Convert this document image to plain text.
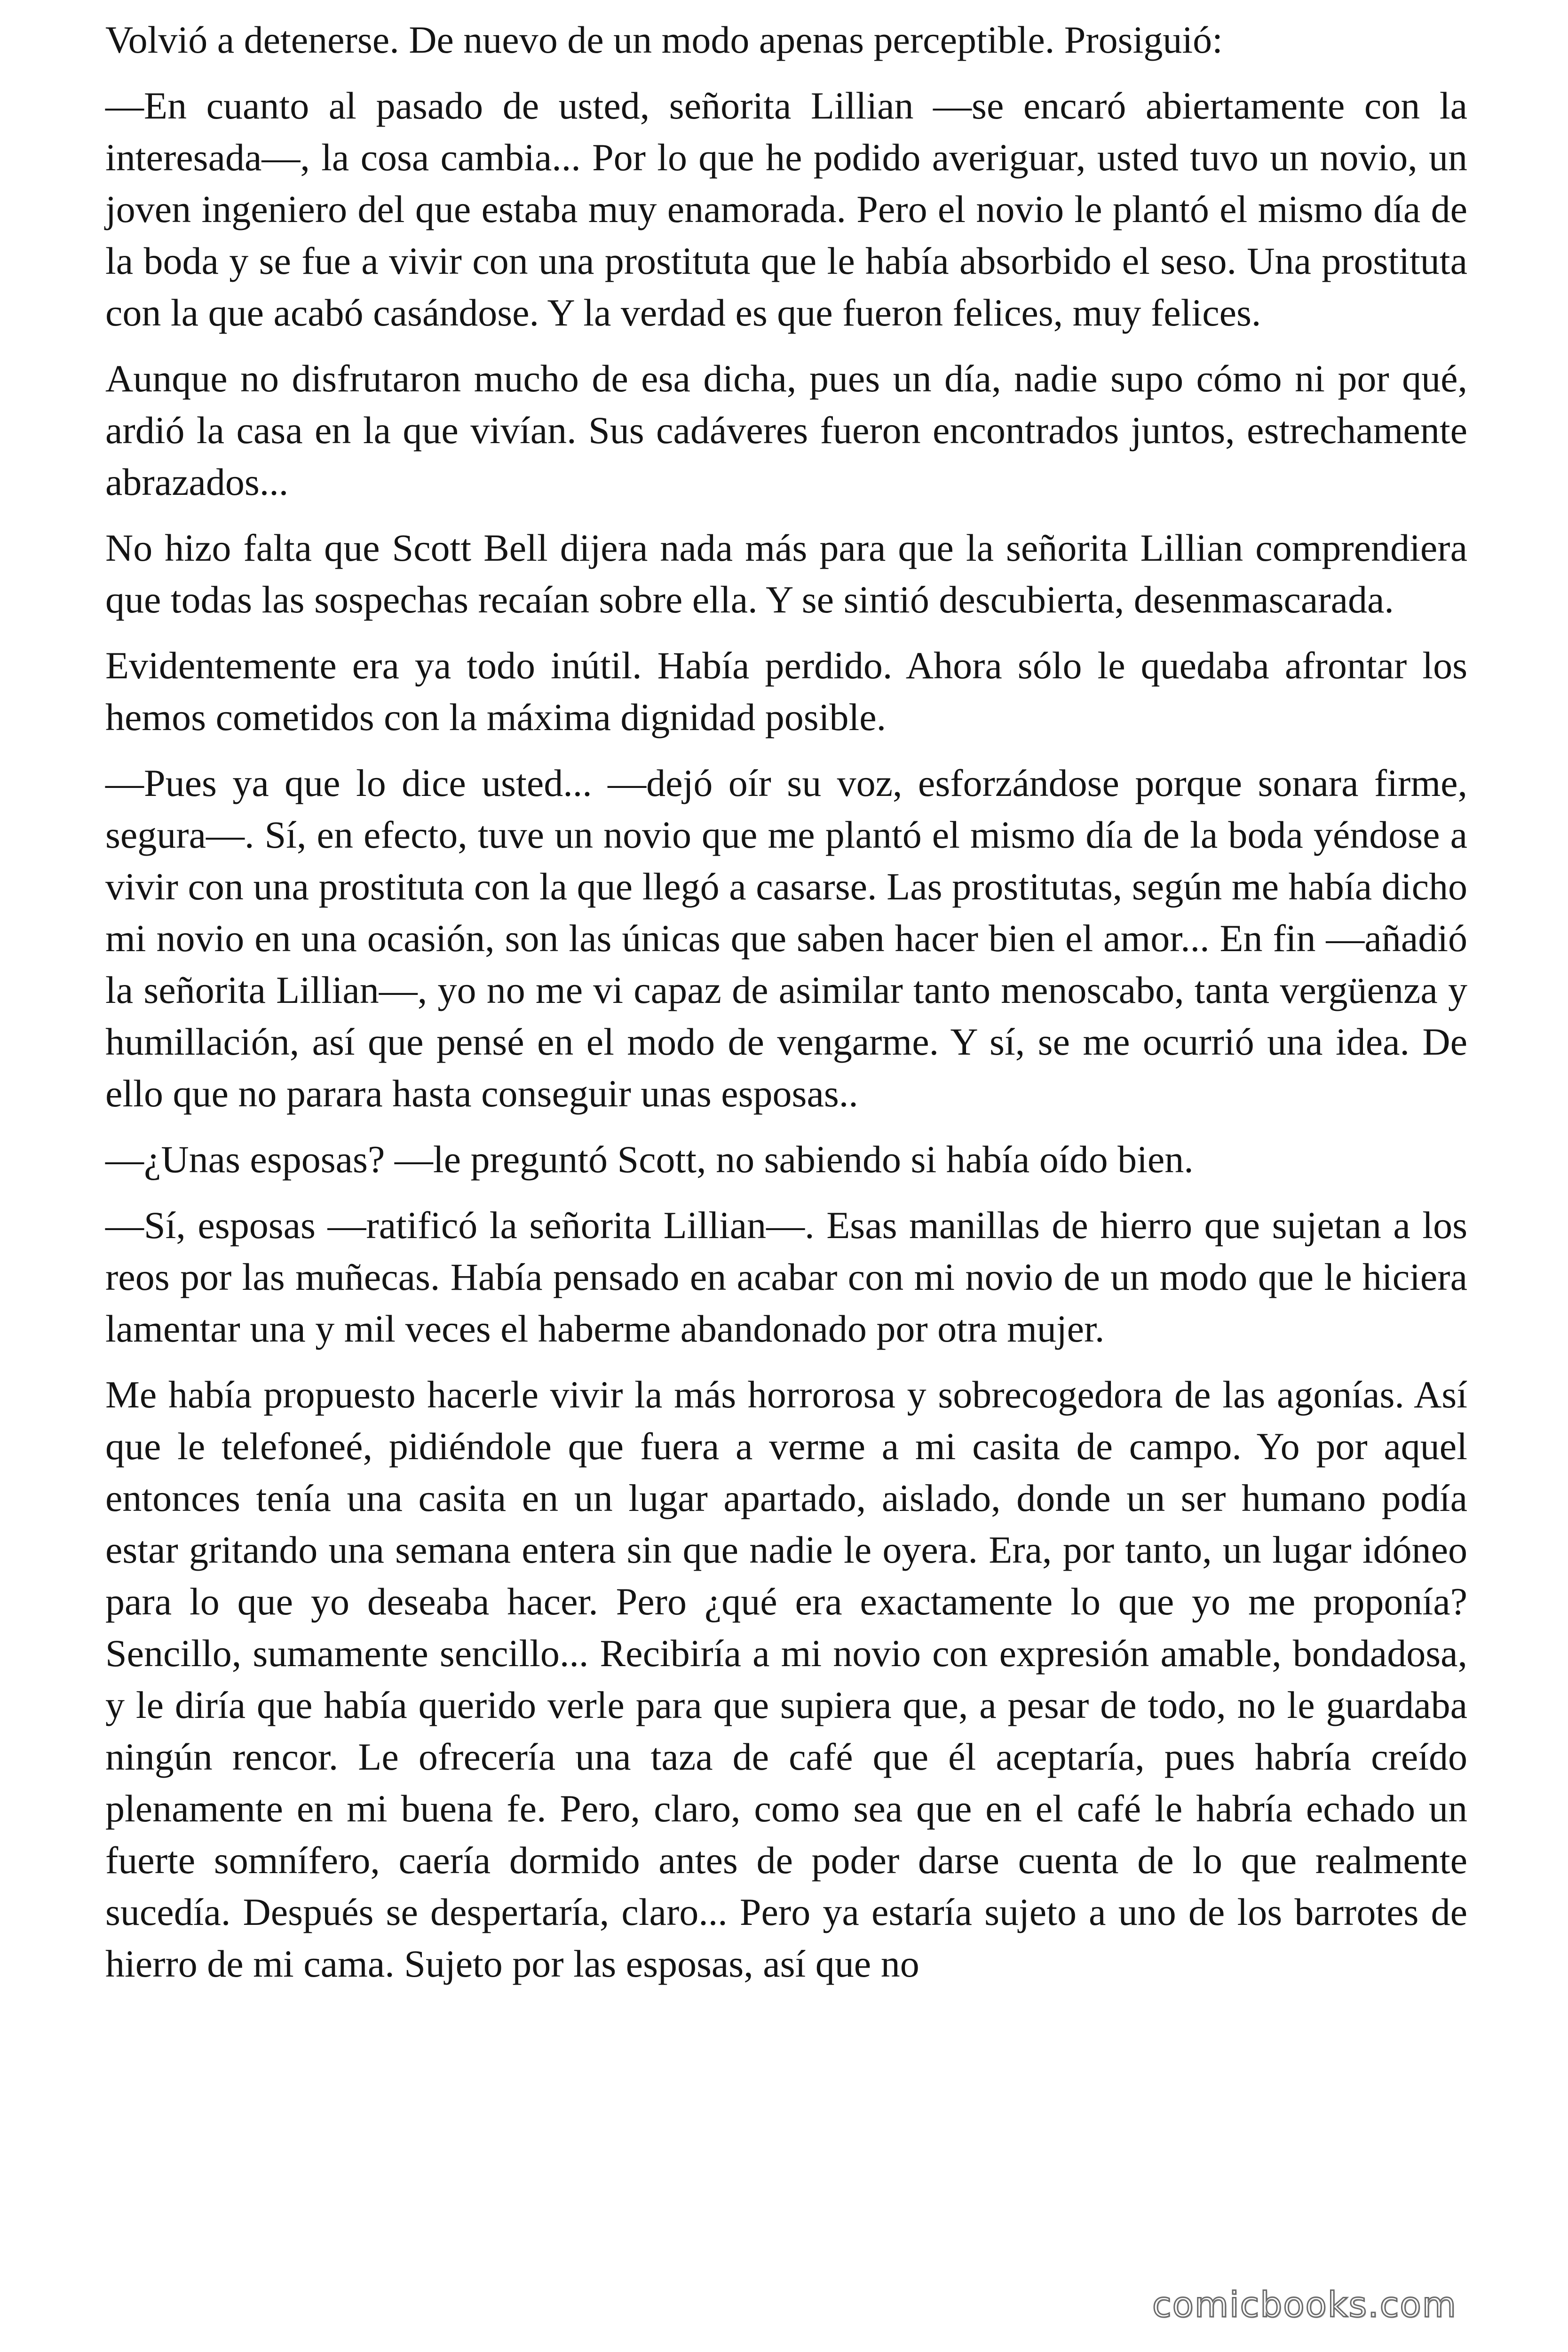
Volvió a detenerse. De nuevo de un modo apenas perceptible. Prosiguió:

—En cuanto al pasado de usted, señorita Lillian —se encaró abiertamente con la interesada—, la cosa cambia... Por lo que he podido averiguar, usted tuvo un novio, un joven ingeniero del que estaba muy enamorada. Pero el novio le plantó el mismo día de la boda y se fue a vivir con una prostituta que le había absorbido el seso. Una prostituta con la que acabó casándose. Y la verdad es que fueron felices, muy felices.

Aunque no disfrutaron mucho de esa dicha, pues un día, nadie supo cómo ni por qué, ardió la casa en la que vivían. Sus cadáveres fueron encontrados juntos, estrechamente abrazados...

No hizo falta que Scott Bell dijera nada más para que la señorita Lillian comprendiera que todas las sospechas recaían sobre ella. Y se sintió descubierta, desenmascarada.

Evidentemente era ya todo inútil. Había perdido. Ahora sólo le quedaba afrontar los hemos cometidos con la máxima dignidad posible.

—Pues ya que lo dice usted... —dejó oír su voz, esforzándose porque sonara firme, segura—. Sí, en efecto, tuve un novio que me plantó el mismo día de la boda yéndose a vivir con una prostituta con la que llegó a casarse. Las prostitutas, según me había dicho mi novio en una ocasión, son las únicas que saben hacer bien el amor... En fin —añadió la señorita Lillian—, yo no me vi capaz de asimilar tanto menoscabo, tanta vergüenza y humillación, así que pensé en el modo de vengarme. Y sí, se me ocurrió una idea. De ello que no parara hasta conseguir unas esposas..

—¿Unas esposas? —le preguntó Scott, no sabiendo si había oído bien.

—Sí, esposas —ratificó la señorita Lillian—. Esas manillas de hierro que sujetan a los reos por las muñecas. Había pensado en acabar con mi novio de un modo que le hiciera lamentar una y mil veces el haberme abandonado por otra mujer.

Me había propuesto hacerle vivir la más horrorosa y sobrecogedora de las agonías. Así que le telefoneé, pidiéndole que fuera a verme a mi casita de campo. Yo por aquel entonces tenía una casita en un lugar apartado, aislado, donde un ser humano podía estar gritando una semana entera sin que nadie le oyera. Era, por tanto, un lugar idóneo para lo que yo deseaba hacer. Pero ¿qué era exactamente lo que yo me proponía? Sencillo, sumamente sencillo... Recibiría a mi novio con expresión amable, bondadosa, y le diría que había querido verle para que supiera que, a pesar de todo, no le guardaba ningún rencor. Le ofrecería una taza de café que él aceptaría, pues habría creído plenamente en mi buena fe. Pero, claro, como sea que en el café le habría echado un fuerte somnífero, caería dormido antes de poder darse cuenta de lo que realmente sucedía. Después se despertaría, claro... Pero ya estaría sujeto a uno de los barrotes de hierro de mi cama. Sujeto por las esposas, así que no

comicbooks.com
